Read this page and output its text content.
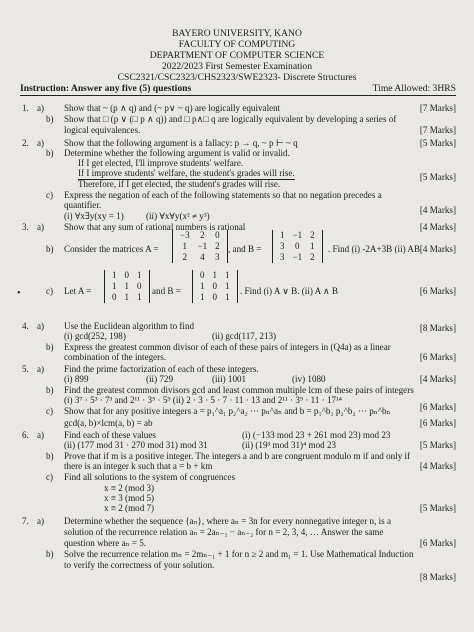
BAYERO UNIVERSITY, KANO
FACULTY OF COMPUTING
DEPARTMENT OF COMPUTER SCIENCE
2022/2023 First Semester Examination
CSC2321/CSC2323/CHS2323/SWE2323- Discrete Structures
Instruction: Answer any five (5) questions	Time Allowed: 3HRS
1. a) Show that ~ (p ∧ q) and (~ p∨ ~ q) are logically equivalent	[7 Marks]
b) Show that □ (p ∨ (□ p ∧ q)) and □ p∧□ q are logically equivalent by developing a series of
logical equivalences.	[7 Marks]
2. a) Show that the following argument is a fallacy: p → q, ~ p ⊢ ~ q	[5 Marks]
b) Determine whether the following argument is valid or invalid.
If I get elected, I'll improve students' welfare.
If I improve students' welfare, the student's grades will rise.	[5 Marks]
Therefore, if I get elected, the student's grades will rise.
c) Express the negation of each of the following statements so that no negation precedes a
quantifier.
(i) ∀x∃y(xy = 1) (ii) ∀x∀y(x² ≠ y³)
[4 Marks]
3. a) Show that any sum of rational numbers is rational	[4 Marks]
b) Consider the matrices A =
−3	2	0
1	−1	2
2	4	3
, and B =
1	−1	2
3	0	1
3	−1	2
. Find (i) -2A+3B (ii) AB [4 Marks]
c) Let A =
1	0	1
1	1	0
0	1	1
and B =
0	1	1
1	0	1
1	0	1
. Find (i) A ∨ B. (ii) A ∧ B	[6 Marks]
•
4. a) Use the Euclidean algorithm to find	[8 Marks]
(i) gcd(252, 198)	(ii) gcd(117, 213)
b) Express the greatest common divisor of each of these pairs of integers in (Q4a) as a linear
combination of the integers.	[6 Marks]
5. a) Find the prime factorization of each of these integers.
(i) 899	(ii) 729	(iii) 1001	(iv) 1080	[4 Marks]
b) Find the greatest common divisors gcd and least common multiple lcm of these pairs of integers
(i) 3⁷ · 5³ · 7³ and 2¹¹ · 3⁵ · 5⁹ (ii) 2 · 3 · 5 · 7 · 11 · 13 and 2¹¹ · 3⁹ · 11 · 17¹⁴
[6 Marks]
c) Show that for any positive integers a = p₁^a₁ p₂^a₂ ··· pₙ^aₙ and b = p₁^b₁ p₂^b₂ ··· pₙ^bₙ
gcd(a, b)×lcm(a, b) = ab	[6 Marks]
6. a) Find each of these values	(i) (−133 mod 23 + 261 mod 23) mod 23
(ii) (177 mod 31 · 270 mod 31) mod 31	(ii) (19³ mod 31)⁴ mod 23	[5 Marks]
b) Prove that if m is a positive integer. The integers a and b are congruent modulo m if and only if
there is an integer k such that a = b + km	[4 Marks]
c) Find all solutions to the system of congruences
x ≡ 2 (mod 3)
x ≡ 3 (mod 5)
x ≡ 2 (mod 7)	[5 Marks]
7. a) Determine whether the sequence {aₙ}, where aₙ = 3n for every nonnegative integer n, is a
solution of the recurrence relation aₙ = 2aₙ₋₁ − aₙ₋₂ for n = 2, 3, 4, … Answer the same
question where aₙ = 5.	[6 Marks]
b) Solve the recurrence relation mₙ = 2mₙ₋₁ + 1 for n ≥ 2 and m₁ = 1. Use Mathematical Induction
to verify the correctness of your solution.
[8 Marks]
